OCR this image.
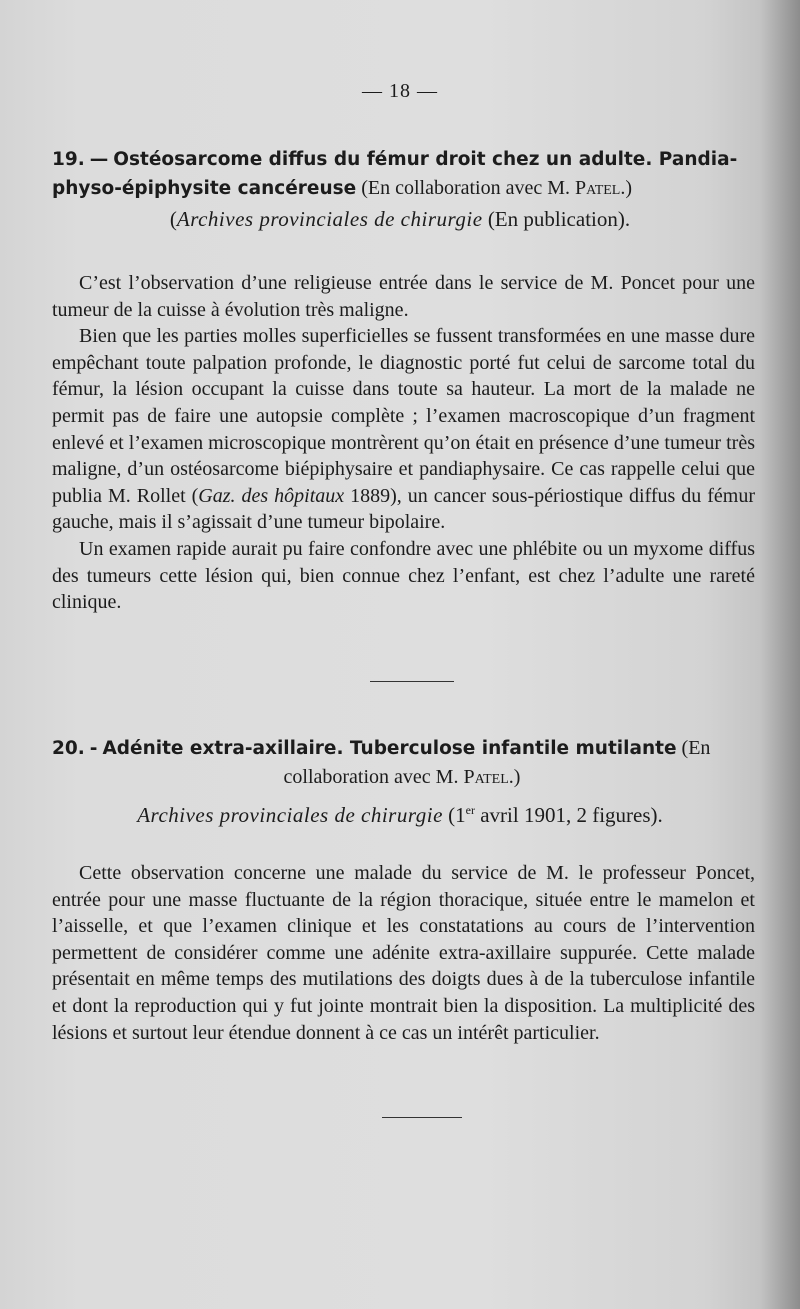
— 18 —
19. — Ostéosarcome diffus du fémur droit chez un adulte. Pandia-
physo-épiphysite cancéreuse (En collaboration avec M. Patel.)
(Archives provinciales de chirurgie (En publication).

C’est l’observation d’une religieuse entrée dans le service de M. Poncet pour une tumeur de la cuisse à évolution très maligne.

Bien que les parties molles superficielles se fussent transformées en une masse dure empêchant toute palpation profonde, le diagnostic porté fut celui de sarcome total du fémur, la lésion occupant la cuisse dans toute sa hauteur. La mort de la malade ne permit pas de faire une autopsie complète ; l’examen macroscopique d’un fragment enlevé et l’examen microscopique montrèrent qu’on était en présence d’une tumeur très maligne, d’un ostéosarcome biépiphysaire et pandiaphysaire. Ce cas rappelle celui que publia M. Rollet (Gaz. des hôpitaux 1889), un cancer sous-périostique diffus du fémur gauche, mais il s’agissait d’une tumeur bipolaire.

Un examen rapide aurait pu faire confondre avec une phlébite ou un myxome diffus des tumeurs cette lésion qui, bien connue chez l’enfant, est chez l’adulte une rareté clinique.

20. - Adénite extra-axillaire. Tuberculose infantile mutilante (En
collaboration avec M. Patel.)
Archives provinciales de chirurgie (1er avril 1901, 2 figures).

Cette observation concerne une malade du service de M. le professeur Poncet, entrée pour une masse fluctuante de la région thoracique, située entre le mamelon et l’aisselle, et que l’examen clinique et les constatations au cours de l’intervention permettent de considérer comme une adénite extra-axillaire suppurée. Cette malade présentait en même temps des mutilations des doigts dues à de la tuberculose infantile et dont la reproduction qui y fut jointe montrait bien la disposition. La multiplicité des lésions et surtout leur étendue donnent à ce cas un intérêt particulier.
